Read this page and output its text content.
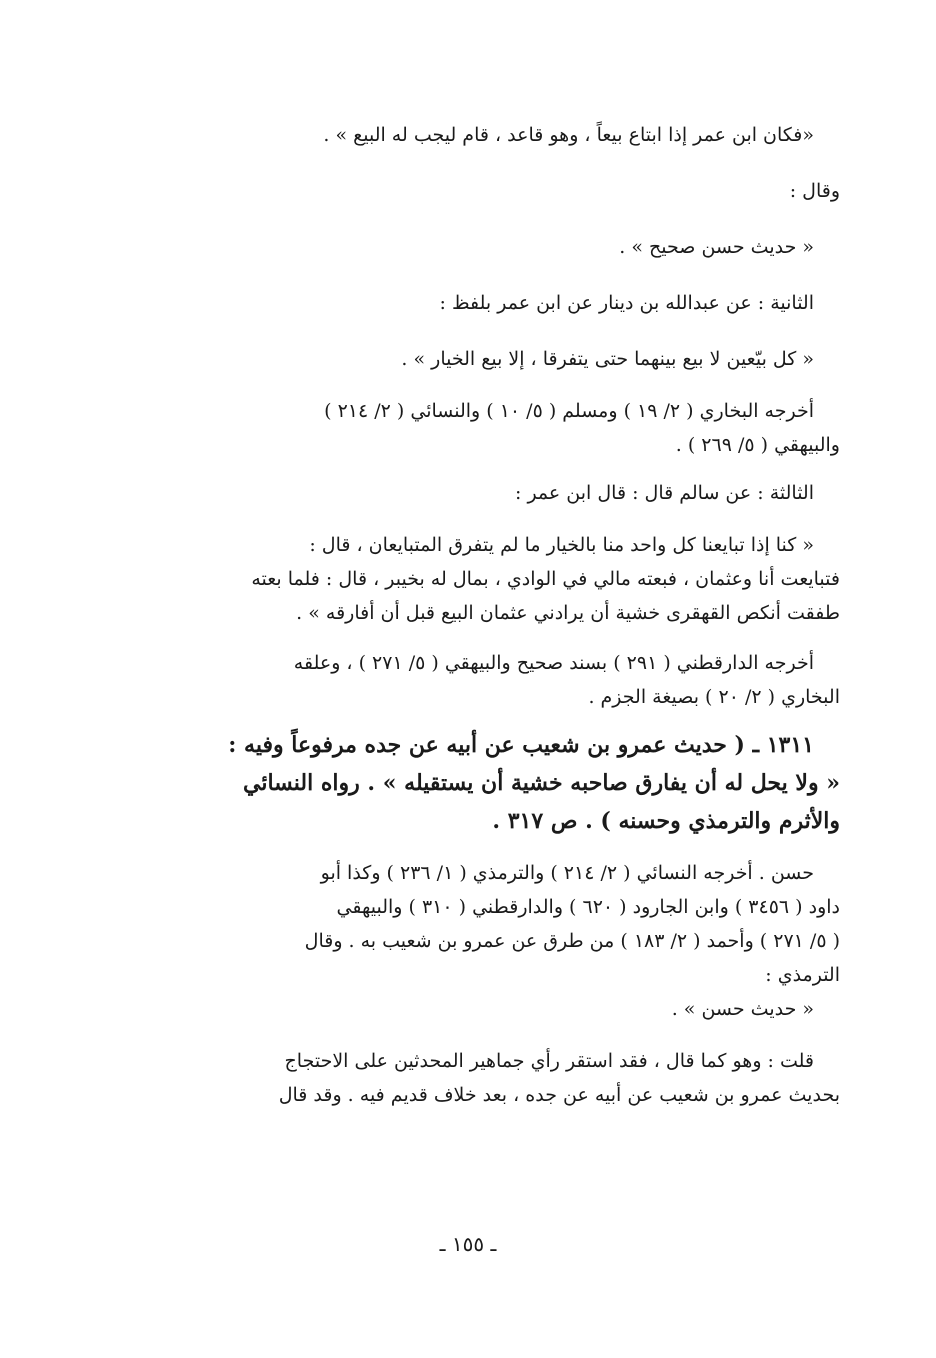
«فكان ابن عمر إذا ابتاع بيعاً ، وهو قاعد ، قام ليجب له البيع » .
وقال :
« حديث حسن صحيح » .
الثانية : عن عبدالله بن دينار عن ابن عمر بلفظ :
« كل بيّعين لا بيع بينهما حتى يتفرقا ، إلا بيع الخيار » .
أخرجه البخاري ( ٢/ ١٩ ) ومسلم ( ٥/ ١٠ ) والنسائي ( ٢/ ٢١٤ )
والبيهقي ( ٥/ ٢٦٩ ) .
الثالثة : عن سالم قال : قال ابن عمر :
« كنا إذا تبايعنا كل واحد منا بالخيار ما لم يتفرق المتبايعان ، قال :
فتبايعت أنا وعثمان ، فبعته مالي في الوادي ، بمال له بخيبر ، قال : فلما بعته
طفقت أنكص القهقرى خشية أن يرادني عثمان البيع قبل أن أفارقه » .
أخرجه الدارقطني ( ٢٩١ ) بسند صحيح والبيهقي ( ٥/ ٢٧١ ) ، وعلقه
البخاري ( ٢/ ٢٠ ) بصيغة الجزم .
١٣١١ ـ ( حديث عمرو بن شعيب عن أبيه عن جده مرفوعاً وفيه :
« ولا يحل له أن يفارق صاحبه خشية أن يستقيله » . رواه النسائي
والأثرم والترمذي وحسنه ) . ص ٣١٧ .
حسن . أخرجه النسائي ( ٢/ ٢١٤ ) والترمذي ( ١/ ٢٣٦ ) وكذا أبو
داود ( ٣٤٥٦ ) وابن الجارود ( ٦٢٠ ) والدارقطني ( ٣١٠ ) والبيهقي
( ٥/ ٢٧١ ) وأحمد ( ٢/ ١٨٣ ) من طرق عن عمرو بن شعيب به . وقال
الترمذي :
« حديث حسن » .
قلت : وهو كما قال ، فقد استقر رأي جماهير المحدثين على الاحتجاج
بحديث عمرو بن شعيب عن أبيه عن جده ، بعد خلاف قديم فيه . وقد قال
ـ ١٥٥ ـ
